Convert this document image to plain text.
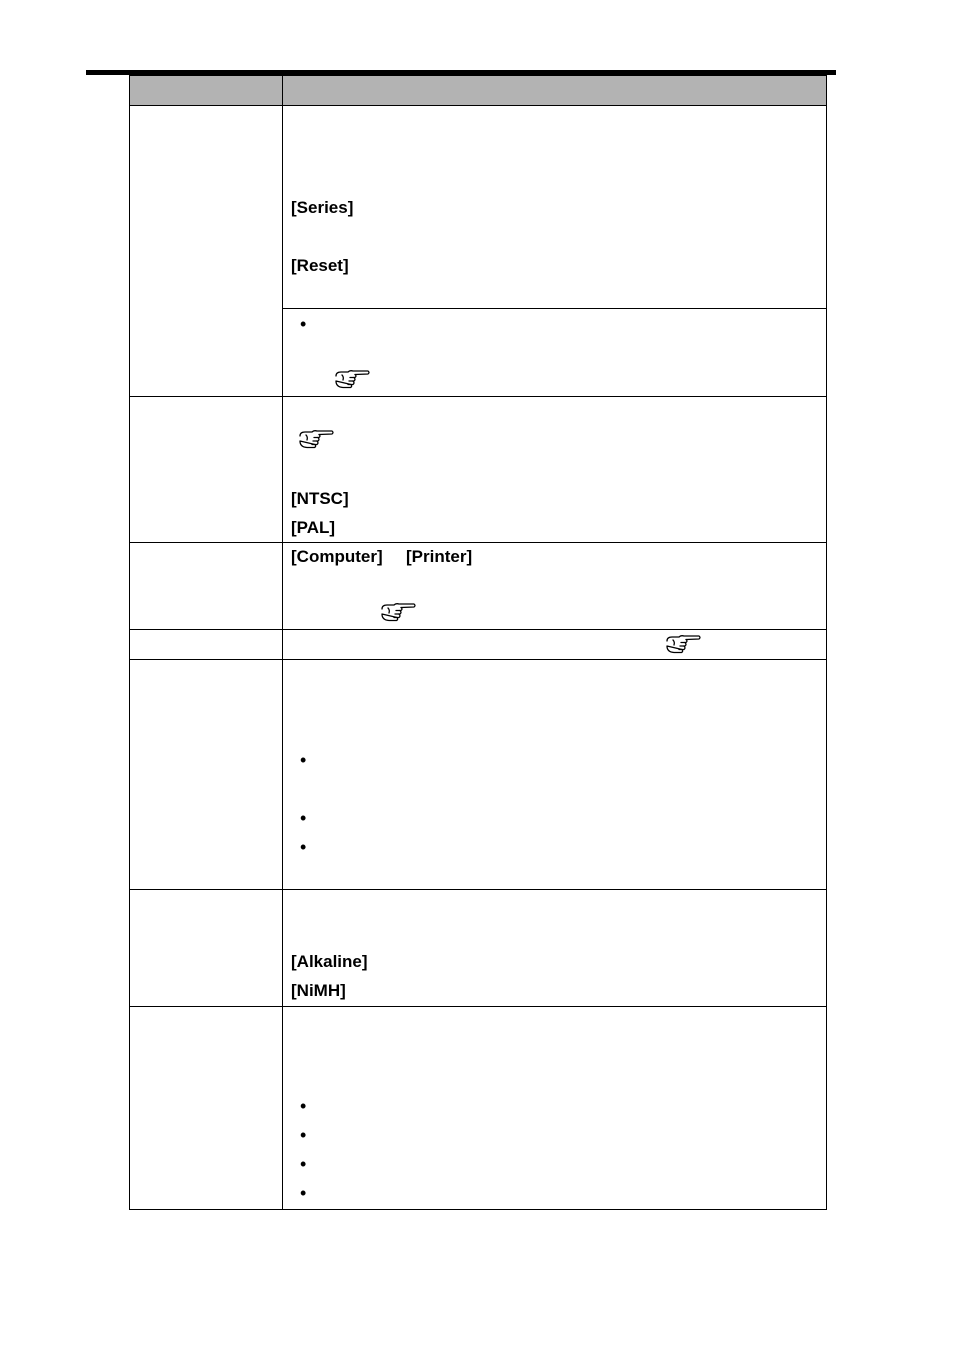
	[Series]
[Reset]

	•

	[NTSC]
[PAL]

	[Computer] [Printer]

	•
•
•

	[Alkaline]
[NiMH]

	•
•
•
•
